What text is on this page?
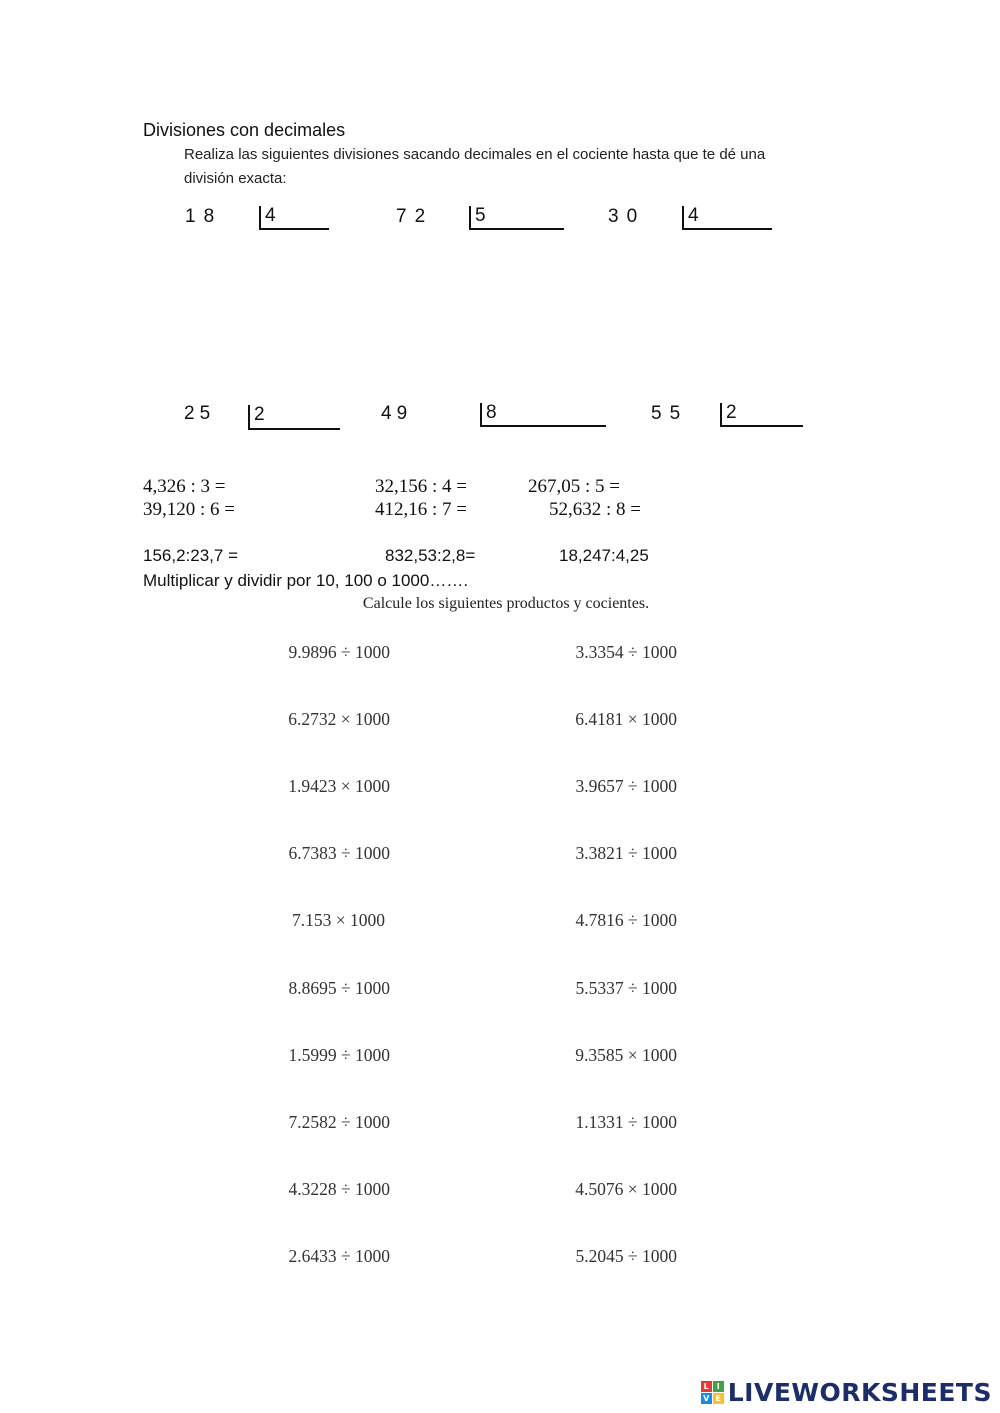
Divisiones con decimales
Realiza las siguientes divisiones sacando decimales en el cociente hasta que te dé una
división exacta:
18	4	72	5	30	4
25	2	49	8	55	2
4,326 : 3 =	32,156 : 4 =	267,05 : 5 =
39,120 : 6 =	412,16 : 7 =	52,632 : 8 =
156,2:23,7 =	832,53:2,8=	18,247:4,25
Multiplicar y dividir por 10, 100 o 1000…….
Calcule los siguientes productos y cocientes.
9.9896 ÷ 1000	3.3354 ÷ 1000
6.2732 × 1000	6.4181 × 1000
1.9423 × 1000	3.9657 ÷ 1000
6.7383 ÷ 1000	3.3821 ÷ 1000
7.153 × 1000	4.7816 ÷ 1000
8.8695 ÷ 1000	5.5337 ÷ 1000
1.5999 ÷ 1000	9.3585 × 1000
7.2582 ÷ 1000	1.1331 ÷ 1000
4.3228 ÷ 1000	4.5076 × 1000
2.6433 ÷ 1000	5.2045 ÷ 1000
L I
V E LIVEWORKSHEETS
